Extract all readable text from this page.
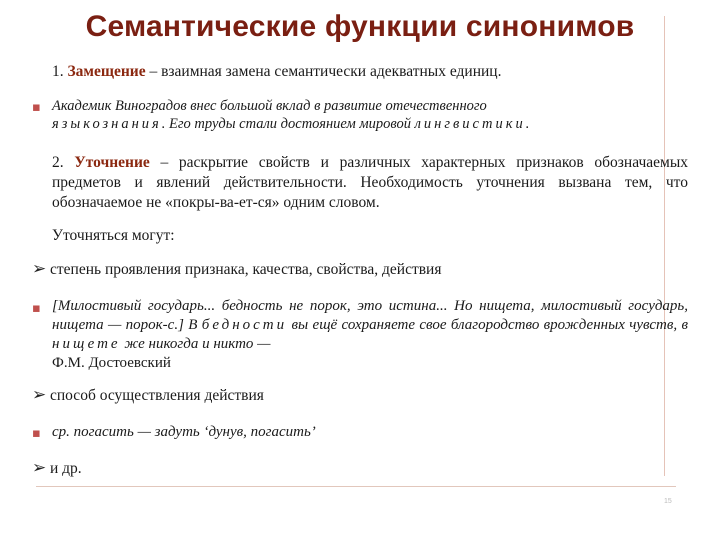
Семантические функции синонимов
1. Замещение – взаимная замена семантически адекватных единиц.
▪ Академик Виноградов внес большой вклад в развитие отечественного
языкознания. Его труды стали достоянием мировой лингвистики.
2. Уточнение – раскрытие свойств и различных характерных признаков обозначаемых предметов и явлений действительности. Необходимость уточнения вызвана тем, что обозначаемое не «покры-ва-ет-ся» одним словом.
Уточняться могут:
➢ степень проявления признака, качества, свойства, действия
▪ [Милостивый государь... бедность не порок, это истина... Но нищета, милостивый государь, нищета — порок-с.] В бедности вы ещё сохраняете свое благородство врожденных чувств, в нищете же никогда и никто —
Ф.М. Достоевский
➢ способ осуществления действия
▪ ср. погасить — задуть ‘дунув, погасить’
➢ и др.
15
